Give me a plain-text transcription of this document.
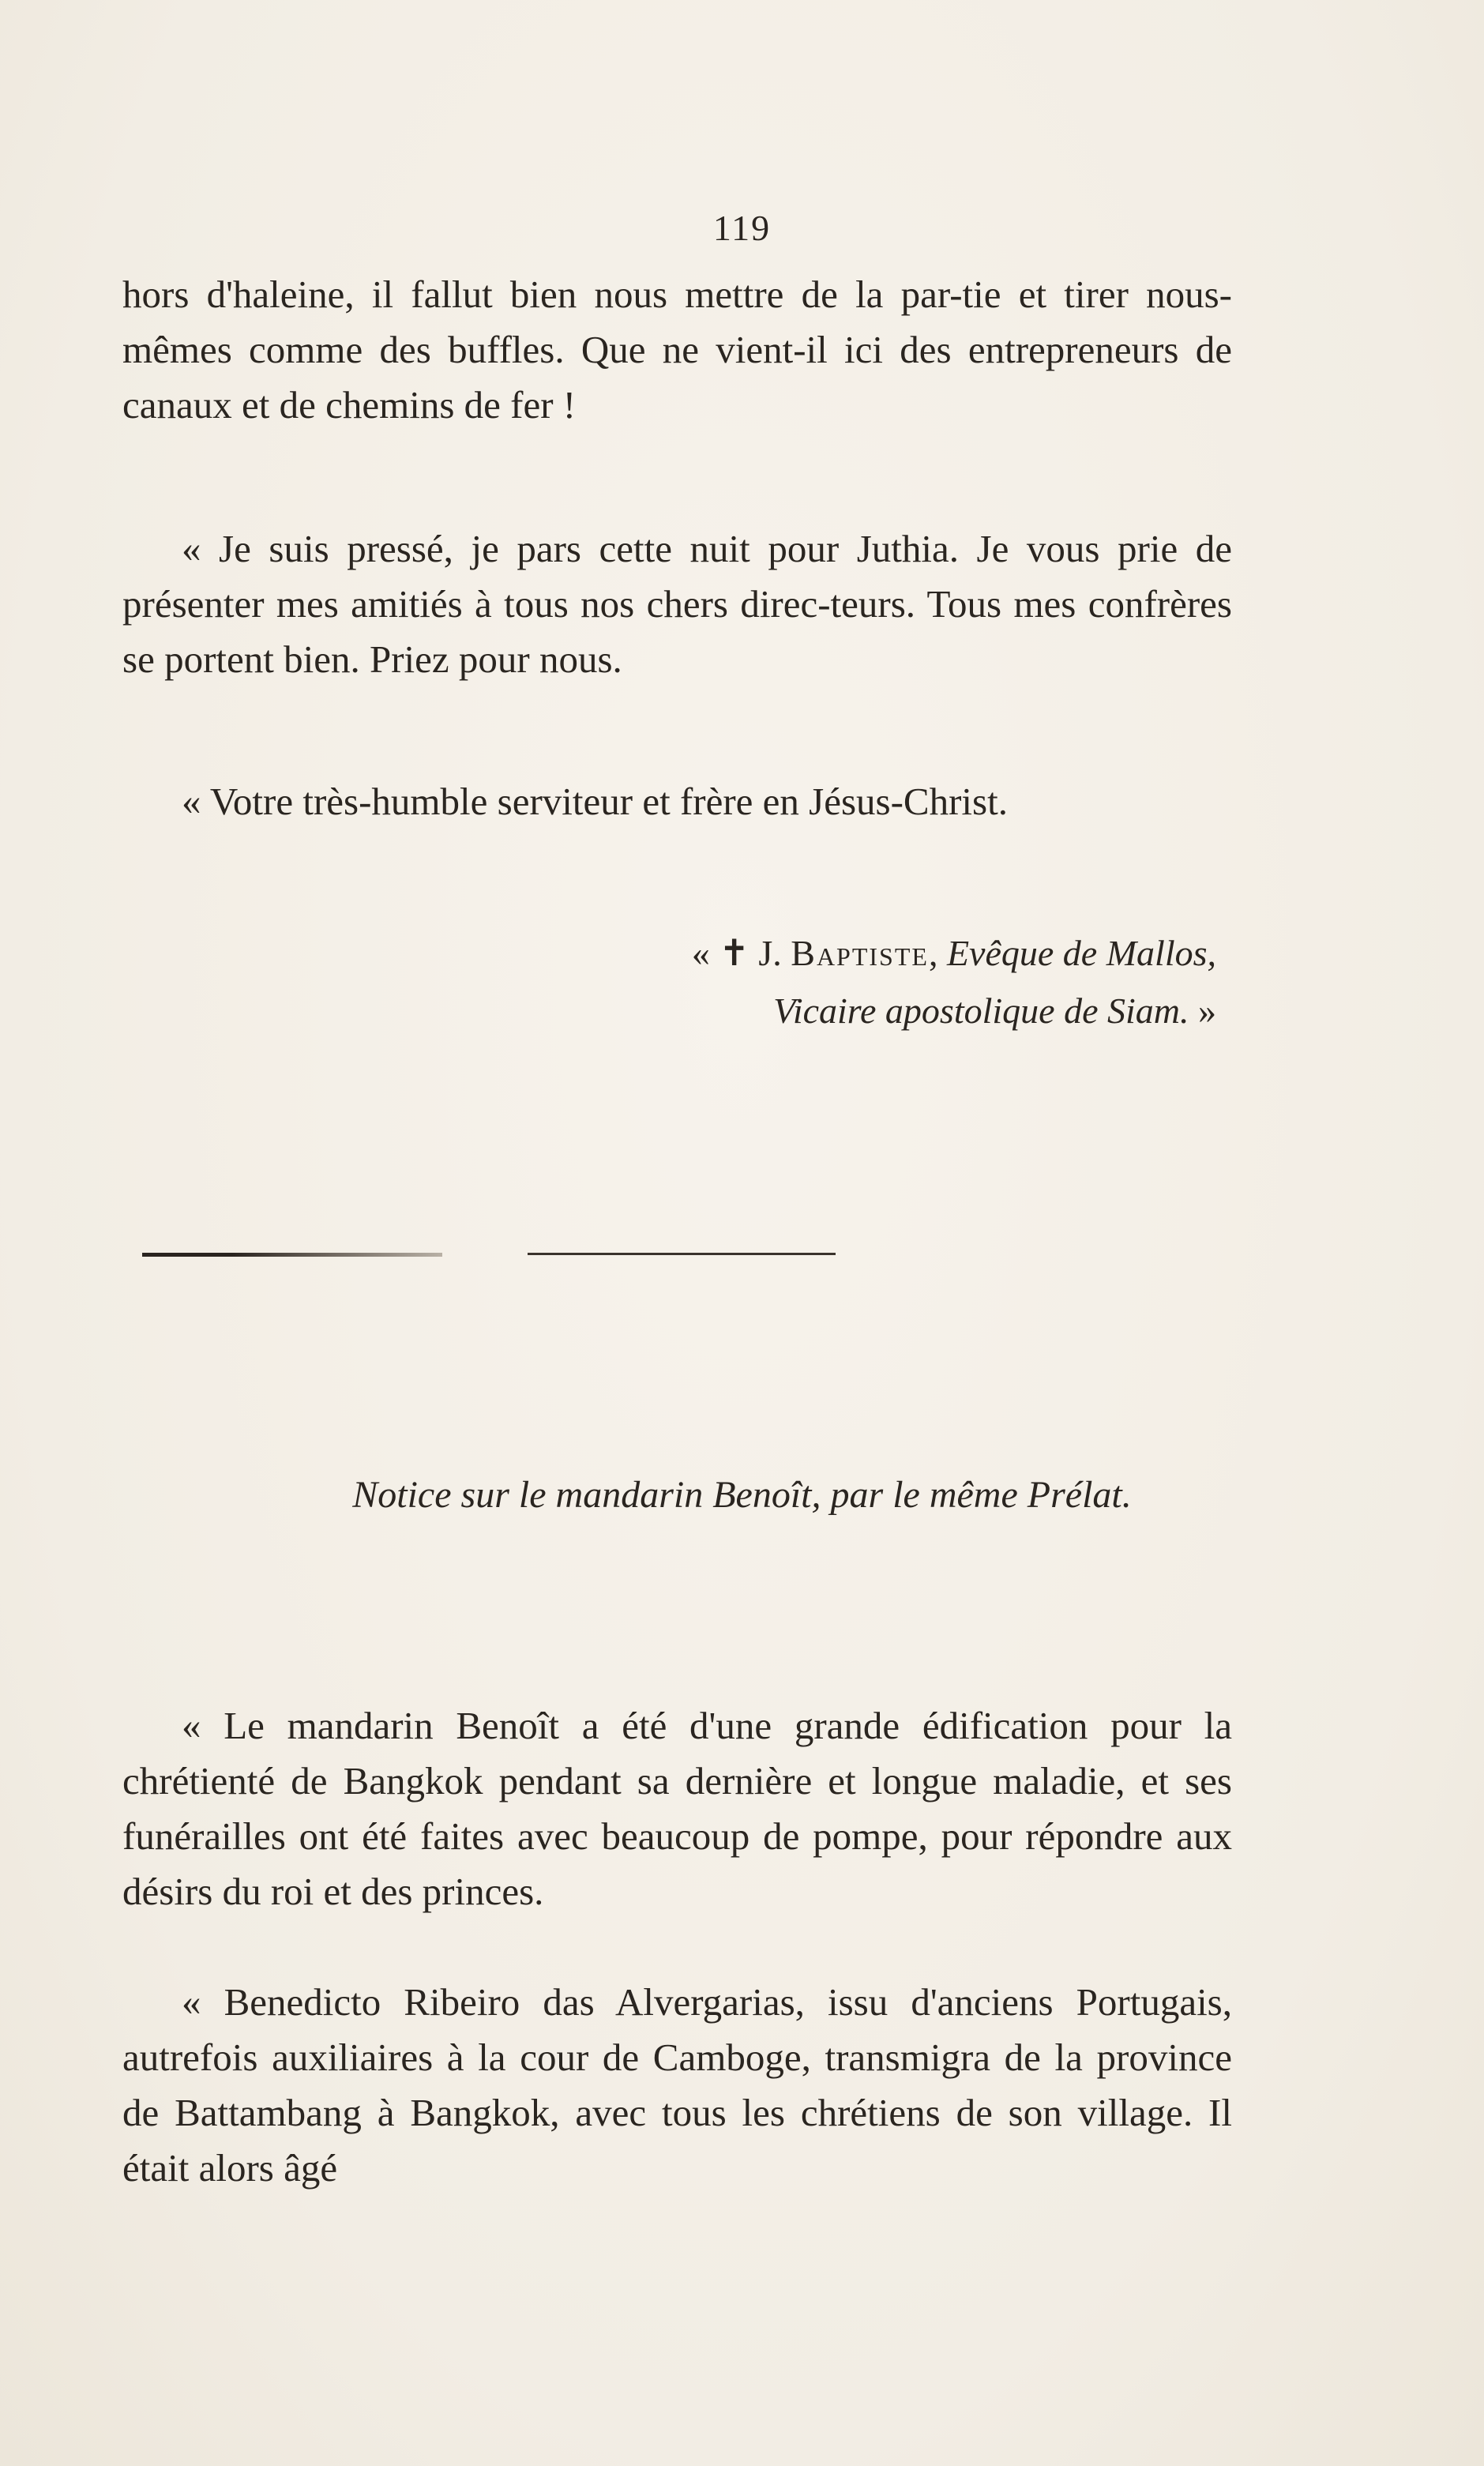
119

hors d'haleine, il fallut bien nous mettre de la par-tie et tirer nous-mêmes comme des buffles. Que ne vient-il ici des entrepreneurs de canaux et de chemins de fer !

« Je suis pressé, je pars cette nuit pour Juthia. Je vous prie de présenter mes amitiés à tous nos chers direc-teurs. Tous mes confrères se portent bien. Priez pour nous.

« Votre très-humble serviteur et frère en Jésus-Christ.

« ✝ J. Baptiste, Evêque de Mallos,
Vicaire apostolique de Siam. »
Notice sur le mandarin Benoît, par le même Prélat.

« Le mandarin Benoît a été d'une grande édification pour la chrétienté de Bangkok pendant sa dernière et longue maladie, et ses funérailles ont été faites avec beaucoup de pompe, pour répondre aux désirs du roi et des princes.

« Benedicto Ribeiro das Alvergarias, issu d'anciens Portugais, autrefois auxiliaires à la cour de Camboge, transmigra de la province de Battambang à Bangkok, avec tous les chrétiens de son village. Il était alors âgé
